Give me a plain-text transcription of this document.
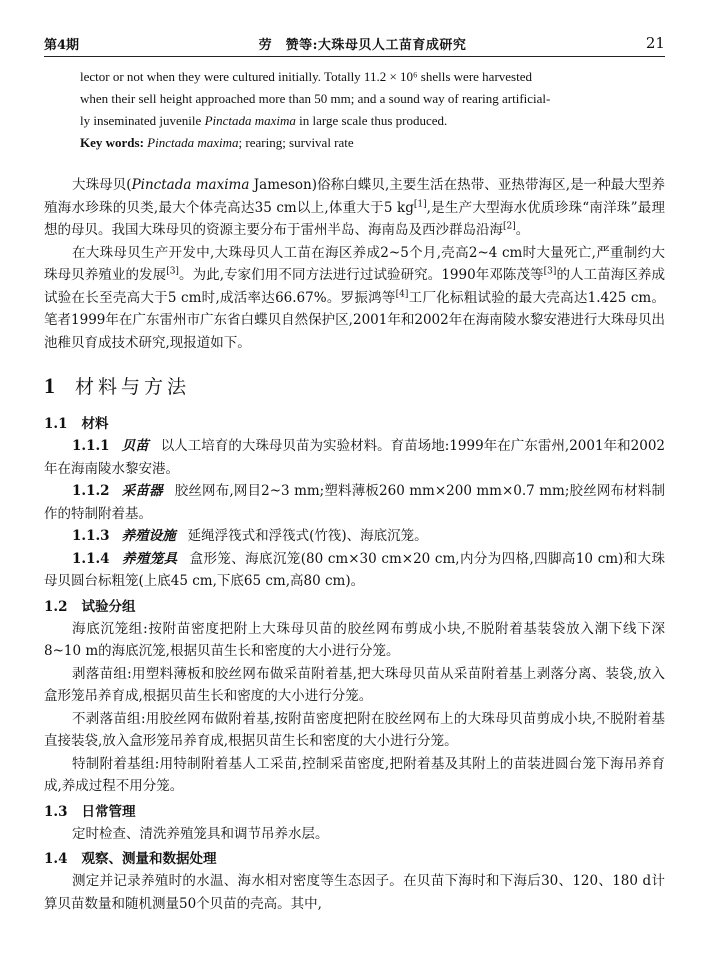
第4期	劳　赞等:大珠母贝人工苗育成研究	21

lector or not when they were cultured initially. Totally 11.2 × 10⁶ shells were harvested

when their sell height approached more than 50 mm; and a sound way of rearing artificial-

ly inseminated juvenile Pinctada maxima in large scale thus produced.

Key words: Pinctada maxima; rearing; survival rate

大珠母贝(Pinctada maxima Jameson)俗称白蝶贝,主要生活在热带、亚热带海区,是一种最大型养殖海水珍珠的贝类,最大个体壳高达35 cm以上,体重大于5 kg[1],是生产大型海水优质珍珠“南洋珠”最理想的母贝。我国大珠母贝的资源主要分布于雷州半岛、海南岛及西沙群岛沿海[2]。

在大珠母贝生产开发中,大珠母贝人工苗在海区养成2~5个月,壳高2~4 cm时大量死亡,严重制约大珠母贝养殖业的发展[3]。为此,专家们用不同方法进行过试验研究。1990年邓陈茂等[3]的人工苗海区养成试验在长至壳高大于5 cm时,成活率达66.67%。罗振鸿等[4]工厂化标粗试验的最大壳高达1.425 cm。笔者1999年在广东雷州市广东省白蝶贝自然保护区,2001年和2002年在海南陵水黎安港进行大珠母贝出池稚贝育成技术研究,现报道如下。

1 材料与方法
1.1 材料

1.1.1 贝苗 以人工培育的大珠母贝苗为实验材料。育苗场地:1999年在广东雷州,2001年和2002年在海南陵水黎安港。

1.1.2 采苗器 胶丝网布,网目2~3 mm;塑料薄板260 mm×200 mm×0.7 mm;胶丝网布材料制作的特制附着基。

1.1.3 养殖设施 延绳浮筏式和浮筏式(竹筏)、海底沉笼。

1.1.4 养殖笼具 盒形笼、海底沉笼(80 cm×30 cm×20 cm,内分为四格,四脚高10 cm)和大珠母贝圆台标粗笼(上底45 cm,下底65 cm,高80 cm)。

1.2 试验分组

海底沉笼组:按附苗密度把附上大珠母贝苗的胶丝网布剪成小块,不脱附着基装袋放入潮下线下深8~10 m的海底沉笼,根据贝苗生长和密度的大小进行分笼。

剥落苗组:用塑料薄板和胶丝网布做采苗附着基,把大珠母贝苗从采苗附着基上剥落分离、装袋,放入盒形笼吊养育成,根据贝苗生长和密度的大小进行分笼。

不剥落苗组:用胶丝网布做附着基,按附苗密度把附在胶丝网布上的大珠母贝苗剪成小块,不脱附着基直接装袋,放入盒形笼吊养育成,根据贝苗生长和密度的大小进行分笼。

特制附着基组:用特制附着基人工采苗,控制采苗密度,把附着基及其附上的苗装进圆台笼下海吊养育成,养成过程不用分笼。

1.3 日常管理

定时检查、清洗养殖笼具和调节吊养水层。

1.4 观察、测量和数据处理

测定并记录养殖时的水温、海水相对密度等生态因子。在贝苗下海时和下海后30、120、180 d计算贝苗数量和随机测量50个贝苗的壳高。其中,
